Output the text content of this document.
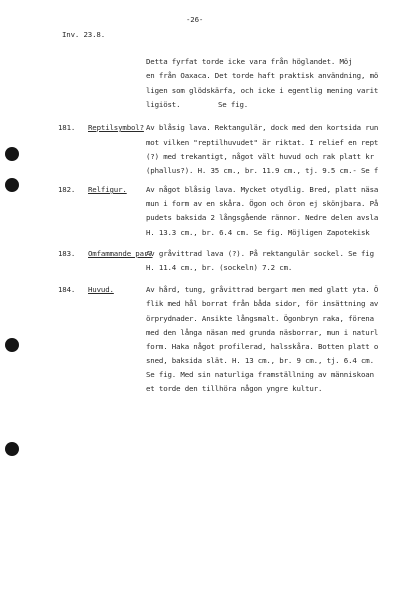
-26-
Inv. 23.8.
Detta fyrfat torde icke vara från höglandet. Möj
en från Oaxaca. Det torde haft praktisk användning, mö
ligen som glödskärfa, och icke i egentlig mening varit
ligiöst.	Se fig.
181. Reptilsymbol? Av blåsig lava. Rektangulär, dock med den kortsida run
mot vilken "reptilhuvudet" är riktat. I relief en rept
(?) med trekantigt, något vält huvud och rak platt kr
(phallus?). H. 35 cm., br. 11.9 cm., tj. 9.5 cm.- Se f
182. Relfigur.	Av något blåsig lava. Mycket otydlig. Bred, platt näsa
mun i form av en skåra. Ögon och öron ej skönjbara. På
pudets baksida 2 långsgående rännor. Nedre delen avsla
H. 13.3 cm., br. 6.4 cm. Se fig. Möjligen Zapotekisk
183. Omfammande par?
Av gråvittrad lava (?). På rektangulär sockel. Se fig
H. 11.4 cm., br. (sockeln) 7.2 cm.
184. Huvud.	Av hård, tung, gråvittrad bergart men med glatt yta. Ö
flik med hål borrat från båda sidor, för insättning av
örprydnader. Ansikte långsmalt. Ögonbryn raka, förena
med den långa näsan med grunda näsborrar, mun i naturl
form. Haka något profilerad, halsskåra. Botten platt o
sned, baksida slät. H. 13 cm., br. 9 cm., tj. 6.4 cm.
Se fig. Med sin naturliga framställning av människoan
et torde den tillhöra någon yngre kultur.
